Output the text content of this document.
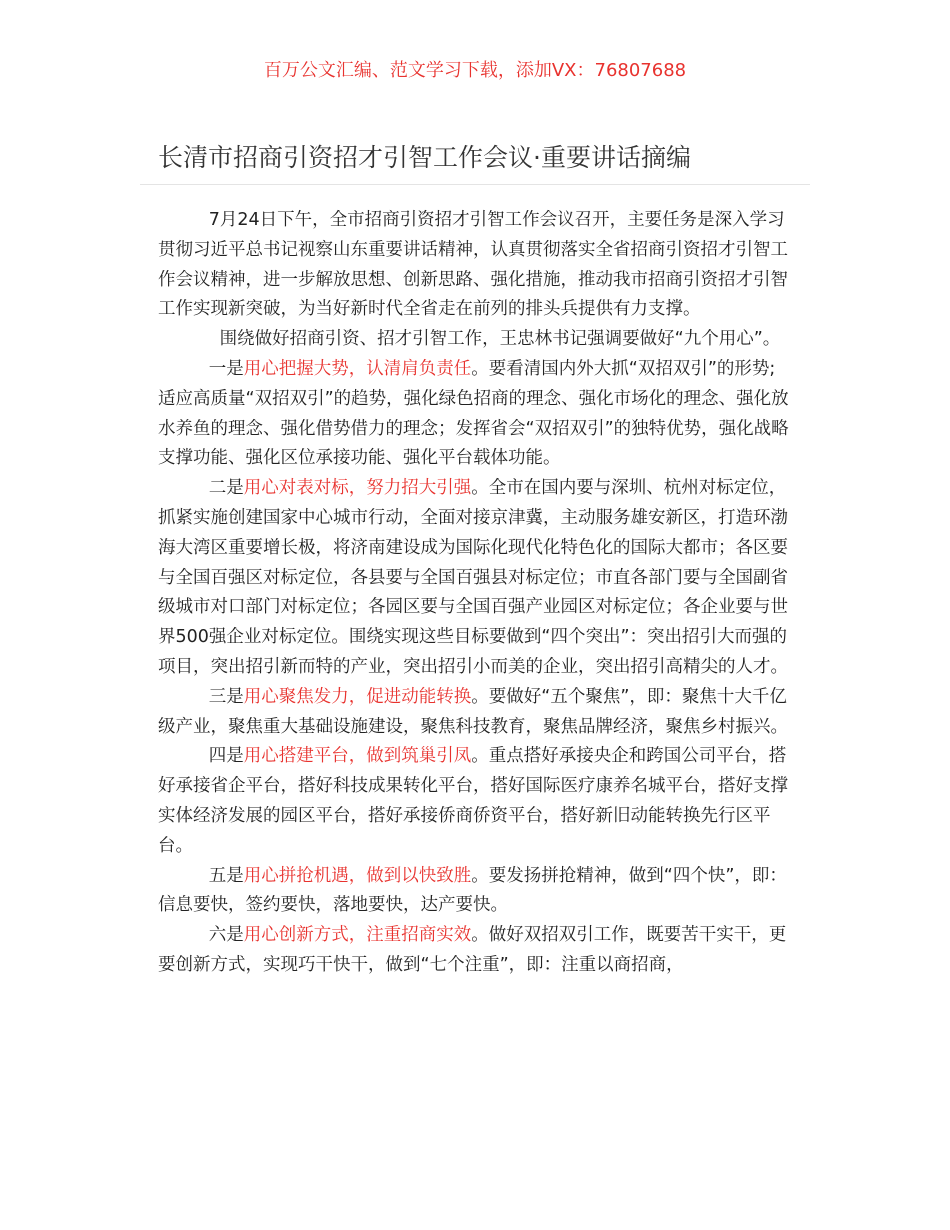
百万公文汇编、范文学习下载，添加VX：76807688
长清市招商引资招才引智工作会议·重要讲话摘编

7月24日下午，全市招商引资招才引智工作会议召开，主要任务是深入学习贯彻习近平总书记视察山东重要讲话精神，认真贯彻落实全省招商引资招才引智工作会议精神，进一步解放思想、创新思路、强化措施，推动我市招商引资招才引智工作实现新突破，为当好新时代全省走在前列的排头兵提供有力支撑。

围绕做好招商引资、招才引智工作，王忠林书记强调要做好“九个用心”。

一是用心把握大势，认清肩负责任。要看清国内外大抓“双招双引”的形势;适应高质量“双招双引”的趋势，强化绿色招商的理念、强化市场化的理念、强化放水养鱼的理念、强化借势借力的理念；发挥省会“双招双引”的独特优势，强化战略支撑功能、强化区位承接功能、强化平台载体功能。

二是用心对表对标，努力招大引强。全市在国内要与深圳、杭州对标定位，抓紧实施创建国家中心城市行动，全面对接京津冀，主动服务雄安新区，打造环渤海大湾区重要增长极，将济南建设成为国际化现代化特色化的国际大都市；各区要与全国百强区对标定位，各县要与全国百强县对标定位；市直各部门要与全国副省级城市对口部门对标定位；各园区要与全国百强产业园区对标定位；各企业要与世界500强企业对标定位。围绕实现这些目标要做到“四个突出”：突出招引大而强的项目，突出招引新而特的产业，突出招引小而美的企业，突出招引高精尖的人才。

三是用心聚焦发力，促进动能转换。要做好“五个聚焦”，即：聚焦十大千亿级产业，聚焦重大基础设施建设，聚焦科技教育，聚焦品牌经济，聚焦乡村振兴。

四是用心搭建平台，做到筑巢引凤。重点搭好承接央企和跨国公司平台，搭好承接省企平台，搭好科技成果转化平台，搭好国际医疗康养名城平台，搭好支撑实体经济发展的园区平台，搭好承接侨商侨资平台，搭好新旧动能转换先行区平台。

五是用心拼抢机遇，做到以快致胜。要发扬拼抢精神，做到“四个快”，即：信息要快，签约要快，落地要快，达产要快。

六是用心创新方式，注重招商实效。做好双招双引工作，既要苦干实干，更要创新方式，实现巧干快干，做到“七个注重”，即：注重以商招商，
